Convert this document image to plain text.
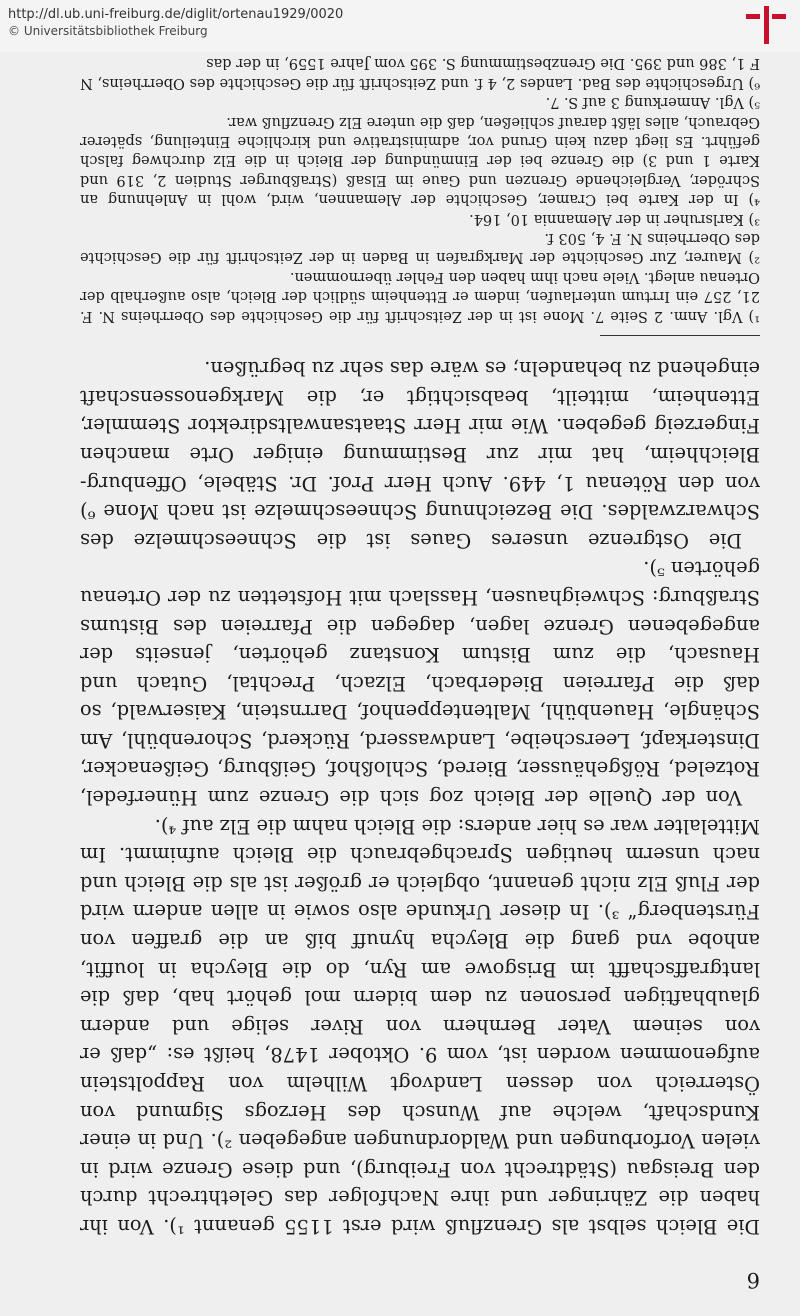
http://dl.ub.uni-freiburg.de/diglit/ortenau1929/0020
© Universitätsbibliothek Freiburg
6

Die Bleich selbst als Grenzfluß wird erst 1155 genannt ¹). Von ihr haben die Zähringer und ihre Nachfolger das Gelethtrecht durch den Breisgau (Städtrecht von Freiburg), und diese Grenze wird in vielen Vorforbungen und Waldordnungen angegeben ²). Und in einer Kundschaft, welche auf Wunsch des Herzogs Sigmund von Österreich von dessen Landvogt Wilhelm von Rappoltstein aufgenommen worden ist, vom 9. Oktober 1478, heißt es: „daß er von seinem Vater Bernhern von River selige und andern glaubhaftigen personen zu dem bidern mol gehört hab, daß die lantgraffschafft im Brisgowe am Ryn, do die Bleycha in louffit, anhobe vnd gang die Bleycha hynuff biß an die graffen von Fürstenberg“ ³). In dieser Urkunde also sowie in allen andern wird der Fluß Elz nicht genannt, obgleich er größer ist als die Bleich und nach unserm heutigen Sprachgebrauch die Bleich aufnimmt. Im Mittelalter war es hier anders: die Bleich nahm die Elz auf ⁴).

Von der Quelle der Bleich zog sich die Grenze zum Hünerfedel, Rotzeled, Rößgehäusser, Biered, Schloßhof, Geißburg, Geißenacker, Dinsterkapf, Leerscheibe, Landwasserd, Rückerd, Schorenbühl, Am Schängle, Hauenbühl, Maltenteppenhof, Darrnstein, Kaiserwald, so daß die Pfarreien Biederbach, Elzach, Prechtal, Gutach und Hausach, die zum Bistum Konstanz gehörten, jenseits der angegebenen Grenze lagen, dagegen die Pfarreien des Bistums Straßburg: Schweighausen, Hasslach mit Hofstetten zu der Ortenau gehörten ⁵).

Die Ostgrenze unseres Gaues ist die Schneeschmelze des Schwarzwaldes. Die Bezeichnung Schneeschmelze ist nach Mone ⁶) von den Rötenau 1, 449. Auch Herr Prof. Dr. Stäbele, Offenburg-Bleichheim, hat mir zur Bestimmung einiger Orte manchen Fingerzeig gegeben. Wie mir Herr Staatsanwaltsdirektor Stemmler, Ettenheim, mitteilt, beabsichtigt er, die Markgenossenschaft eingehend zu behandeln; es wäre das sehr zu begrüßen.

¹) Vgl. Anm. 2 Seite 7. Mone ist in der Zeitschrift für die Geschichte des Oberrheins N. F. 21, 257 ein Irrtum unterlaufen, indem er Ettenheim südlich der Bleich, also außerhalb der Ortenau anlegt. Viele nach ihm haben den Fehler übernommen.

²) Maurer, Zur Geschichte der Markgrafen in Baden in der Zeitschrift für die Geschichte des Oberrheins N. F. 4, 503 f.

³) Karlsruher in der Alemannia 10, 164.

⁴) In der Karte bei Cramer, Geschichte der Alemannen, wird, wohl in Anlehnung an Schröder, Vergleichende Grenzen und Gaue im Elsaß (Straßburger Studien 2, 319 und Karte 1 und 3) die Grenze bei der Einmündung der Bleich in die Elz durchweg falsch geführt. Es liegt dazu kein Grund vor, administrative und kirchliche Einteilung, späterer Gebrauch, alles läßt darauf schließen, daß die untere Elz Grenzfluß war.

⁵) Vgl. Anmerkung 3 auf S. 7.

⁶) Urgeschichte des Bad. Landes 2, 4 f. und Zeitschrift für die Geschichte des Oberrheins, N F 1, 386 und 395. Die Grenzbestimmung S. 395 vom Jahre 1559, in der das
